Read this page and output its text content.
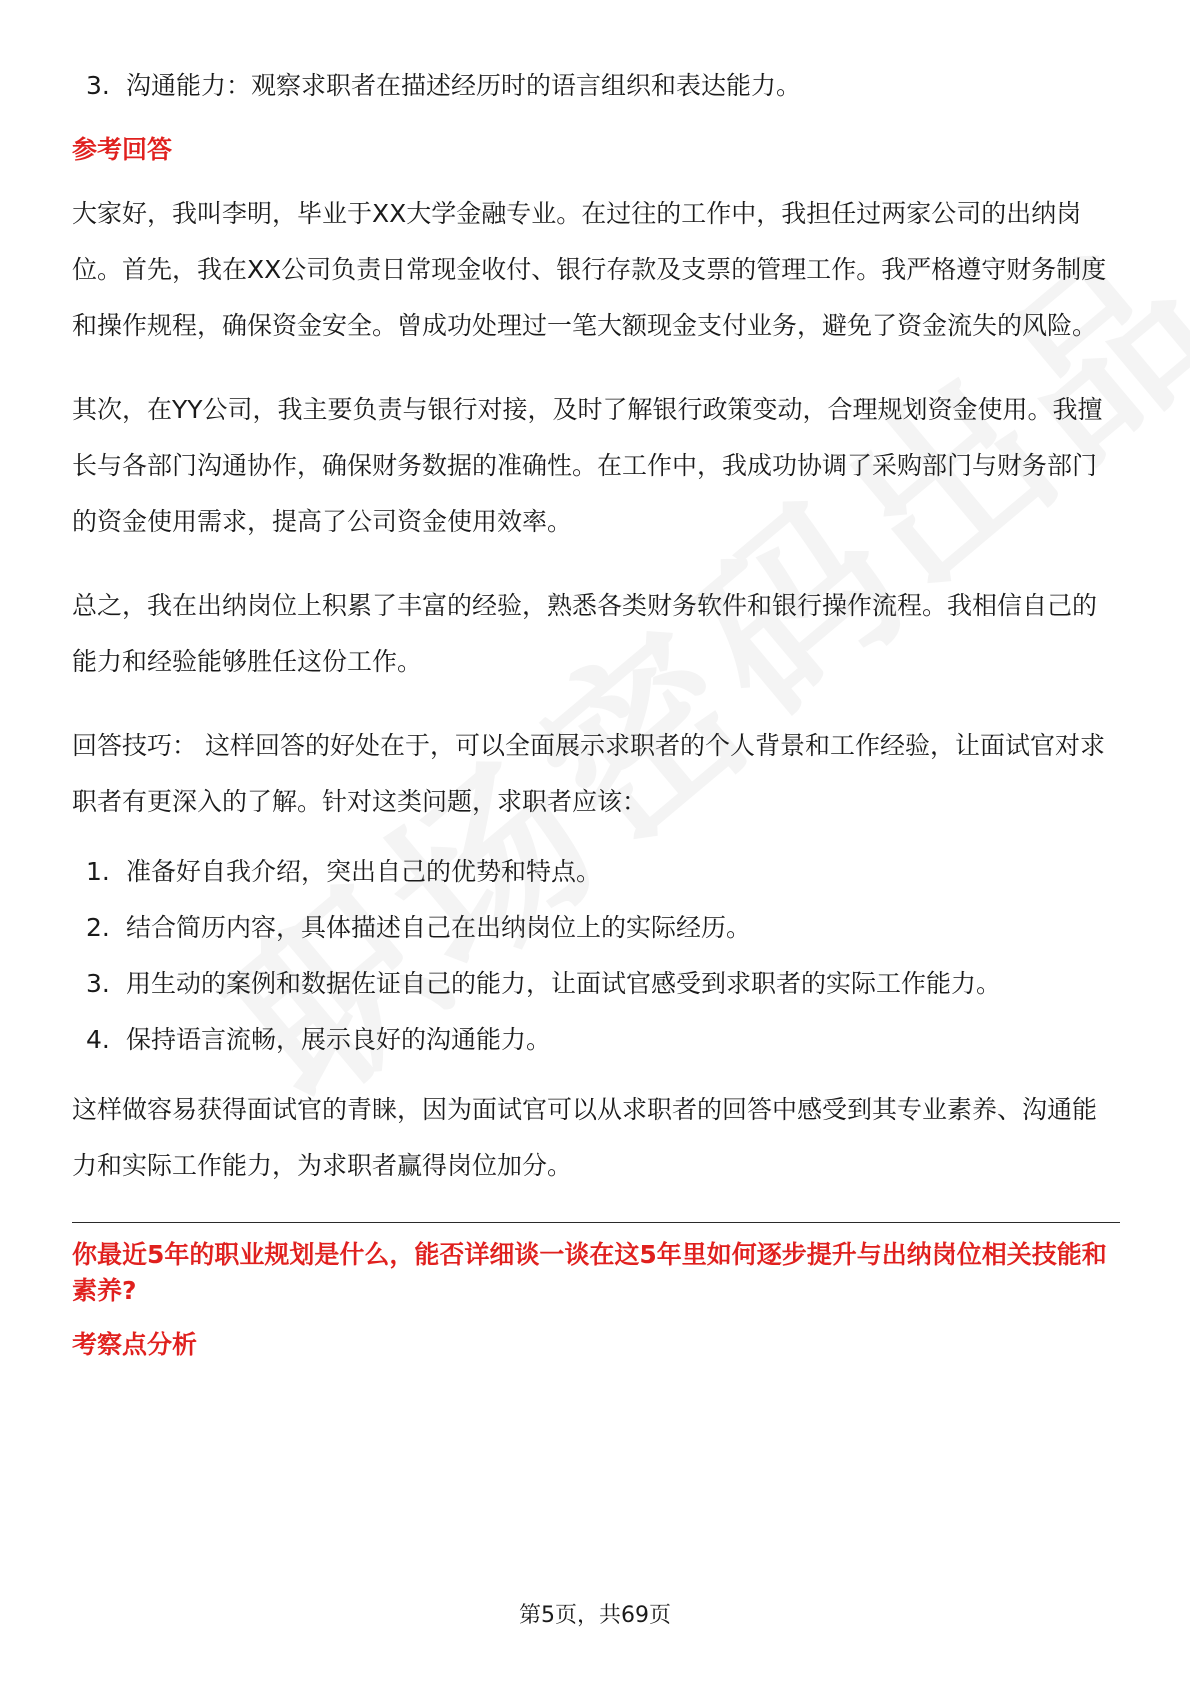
3. 沟通能力：观察求职者在描述经历时的语言组织和表达能力。

参考回答

大家好，我叫李明，毕业于XX大学金融专业。在过往的工作中，我担任过两家公司的出纳岗位。首先，我在XX公司负责日常现金收付、银行存款及支票的管理工作。我严格遵守财务制度和操作规程，确保资金安全。曾成功处理过一笔大额现金支付业务，避免了资金流失的风险。

其次，在YY公司，我主要负责与银行对接，及时了解银行政策变动，合理规划资金使用。我擅长与各部门沟通协作，确保财务数据的准确性。在工作中，我成功协调了采购部门与财务部门的资金使用需求，提高了公司资金使用效率。

总之，我在出纳岗位上积累了丰富的经验，熟悉各类财务软件和银行操作流程。我相信自己的能力和经验能够胜任这份工作。

回答技巧： 这样回答的好处在于，可以全面展示求职者的个人背景和工作经验，让面试官对求职者有更深入的了解。针对这类问题，求职者应该：

1. 准备好自我介绍，突出自己的优势和特点。
2. 结合简历内容，具体描述自己在出纳岗位上的实际经历。
3. 用生动的案例和数据佐证自己的能力，让面试官感受到求职者的实际工作能力。
4. 保持语言流畅，展示良好的沟通能力。

这样做容易获得面试官的青睐，因为面试官可以从求职者的回答中感受到其专业素养、沟通能力和实际工作能力，为求职者赢得岗位加分。

你最近5年的职业规划是什么，能否详细谈一谈在这5年里如何逐步提升与出纳岗位相关技能和素养?

考察点分析

第5页，共69页
